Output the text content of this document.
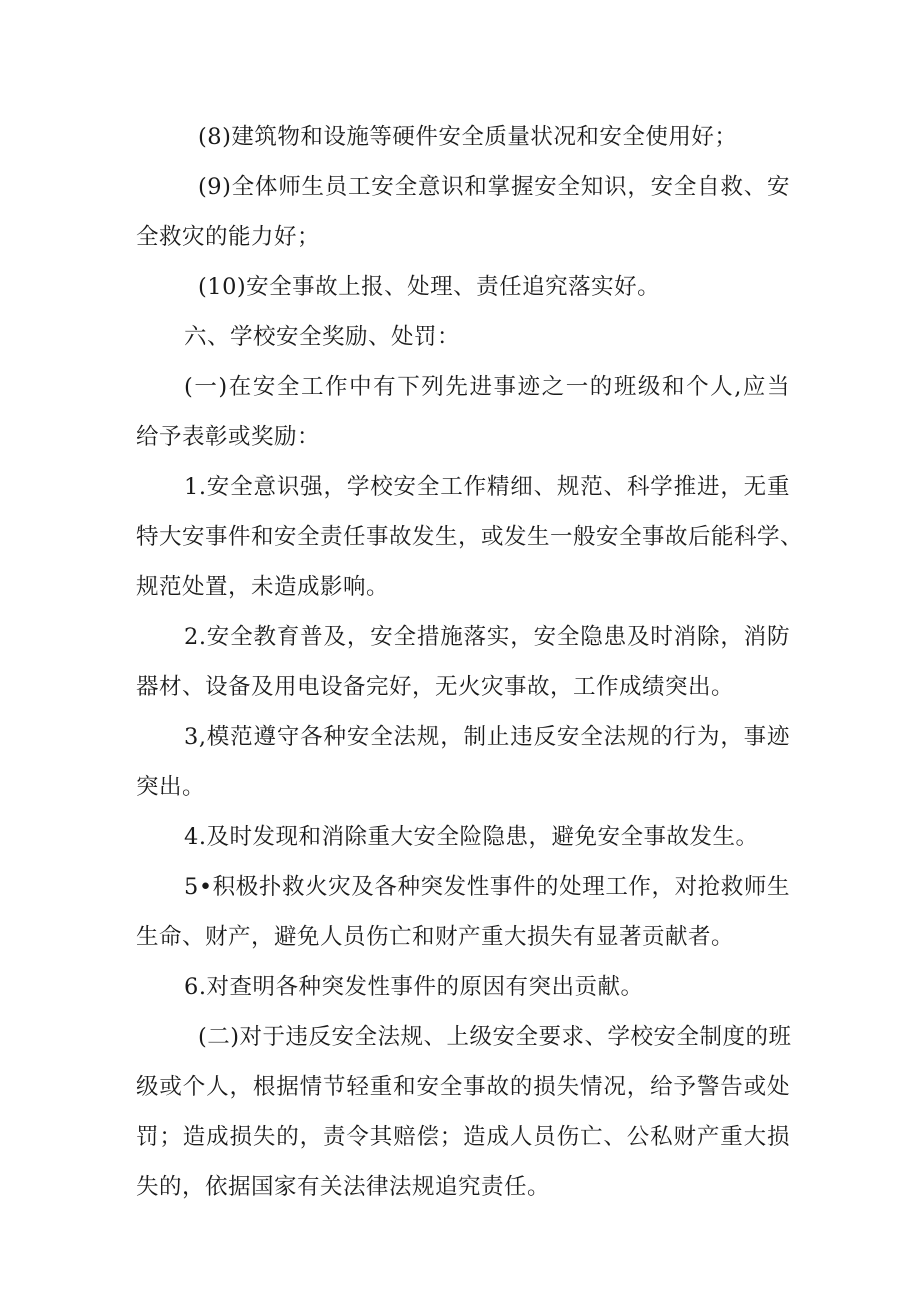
(8)建筑物和设施等硬件安全质量状况和安全使用好；
(9)全体师生员工安全意识和掌握安全知识，安全自救、安
全救灾的能力好；
(10)安全事故上报、处理、责任追究落实好。
六、学校安全奖励、处罚：
(一)在安全工作中有下列先进事迹之一的班级和个人,应当
给予表彰或奖励：
1.安全意识强，学校安全工作精细、规范、科学推进，无重
特大安事件和安全责任事故发生，或发生一般安全事故后能科学、
规范处置，未造成影响。
2.安全教育普及，安全措施落实，安全隐患及时消除，消防
器材、设备及用电设备完好，无火灾事故，工作成绩突出。
3,模范遵守各种安全法规，制止违反安全法规的行为，事迹
突出。
4.及时发现和消除重大安全险隐患，避免安全事故发生。
5•积极扑救火灾及各种突发性事件的处理工作，对抢救师生
生命、财产，避免人员伤亡和财产重大损失有显著贡献者。
6.对查明各种突发性事件的原因有突出贡献。
(二)对于违反安全法规、上级安全要求、学校安全制度的班
级或个人，根据情节轻重和安全事故的损失情况，给予警告或处
罚；造成损失的，责令其赔偿；造成人员伤亡、公私财产重大损
失的，依据国家有关法律法规追究责任。
